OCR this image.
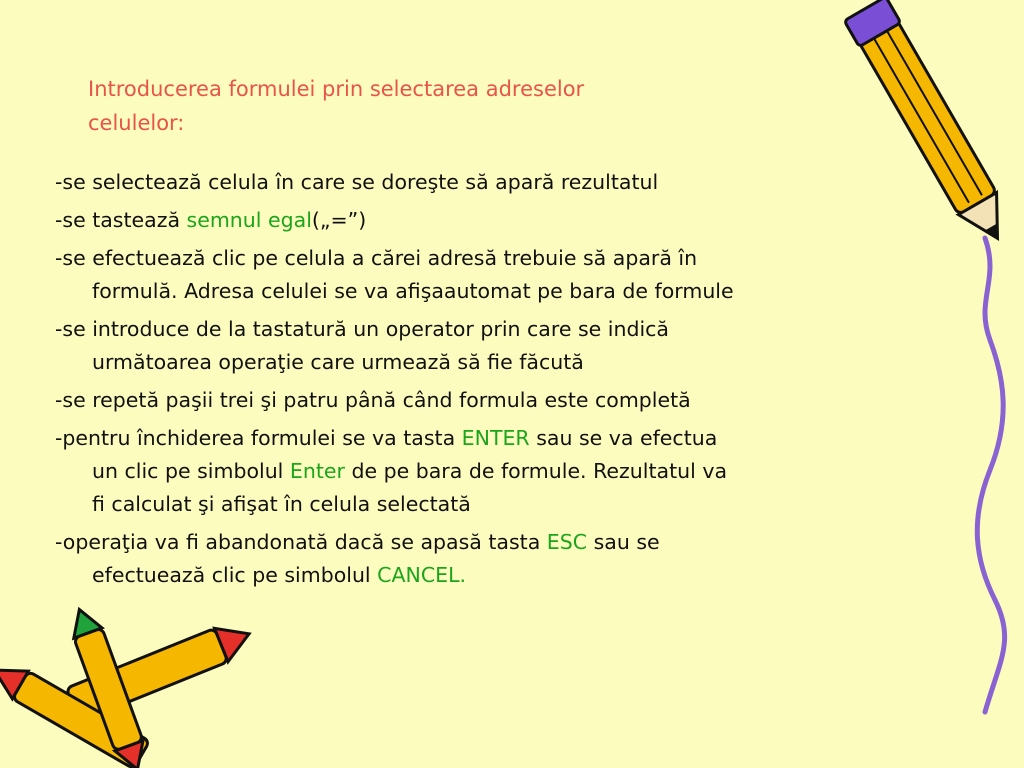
Introducerea formulei prin selectarea adreselor
celulelor:
-se selectează celula în care se doreşte să apară rezultatul
-se tastează semnul egal(„=”)
-se efectuează clic pe celula a cărei adresă trebuie să apară în
formulă. Adresa celulei se va afişaautomat pe bara de formule
-se introduce de la tastatură un operator prin care se indică
următoarea operaţie care urmează să fie făcută
-se repetă paşii trei şi patru până când formula este completă
-pentru închiderea formulei se va tasta ENTER sau se va efectua
un clic pe simbolul Enter de pe bara de formule. Rezultatul va
fi calculat şi afişat în celula selectată
-operaţia va fi abandonată dacă se apasă tasta ESC sau se
efectuează clic pe simbolul CANCEL.
